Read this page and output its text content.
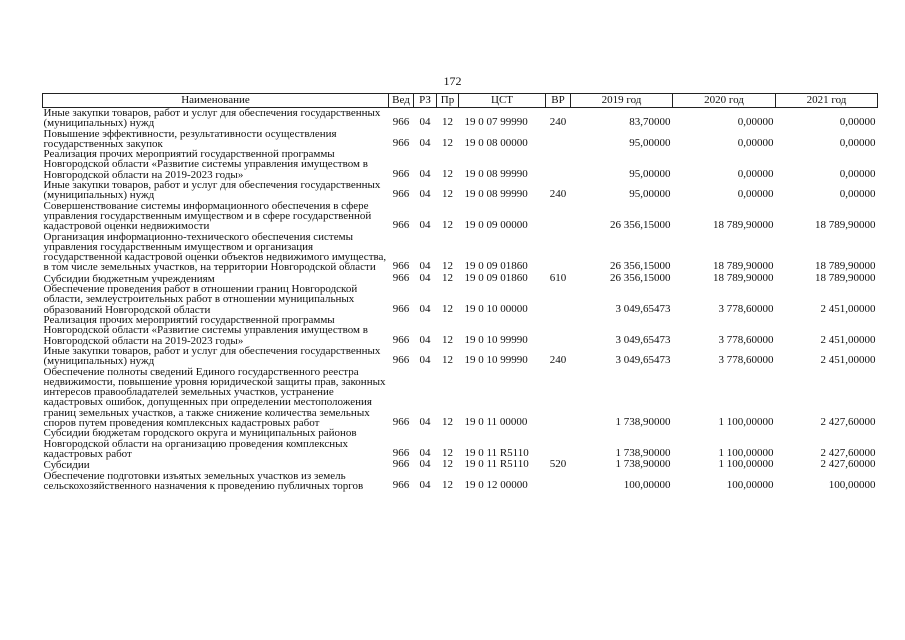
172
Наименование	Вед	РЗ	Пр	ЦСТ	ВР	2019 год	2020 год	2021 год
Иные закупки товаров, работ и услуг для обеспечения государственных (муниципальных) нужд	966	04	12	19 0 07 99990	240	83,70000	0,00000	0,00000
Повышение эффективности, результативности осуществления государственных закупок	966	04	12	19 0 08 00000		95,00000	0,00000	0,00000
Реализация прочих мероприятий государственной программы Новгородской области «Развитие системы управления имуществом в Новгородской области на 2019-2023 годы»	966	04	12	19 0 08 99990		95,00000	0,00000	0,00000
Иные закупки товаров, работ и услуг для обеспечения государственных (муниципальных) нужд	966	04	12	19 0 08 99990	240	95,00000	0,00000	0,00000
Совершенствование системы информационного обеспечения в сфере управления государственным имуществом и в сфере государственной кадастровой оценки недвижимости	966	04	12	19 0 09 00000		26 356,15000	18 789,90000	18 789,90000
Организация информационно-технического обеспечения системы управления государственным имуществом и организация государственной кадастровой оценки объектов недвижимого имущества, в том числе земельных участков, на территории Новгородской области	966	04	12	19 0 09 01860		26 356,15000	18 789,90000	18 789,90000
Субсидии бюджетным учреждениям	966	04	12	19 0 09 01860	610	26 356,15000	18 789,90000	18 789,90000
Обеспечение проведения работ в отношении границ Новгородской области, землеустроительных работ в отношении муниципальных образований Новгородской области	966	04	12	19 0 10 00000		3 049,65473	3 778,60000	2 451,00000
Реализация прочих мероприятий государственной программы Новгородской области «Развитие системы управления имуществом в Новгородской области на 2019-2023 годы»	966	04	12	19 0 10 99990		3 049,65473	3 778,60000	2 451,00000
Иные закупки товаров, работ и услуг для обеспечения государственных (муниципальных) нужд	966	04	12	19 0 10 99990	240	3 049,65473	3 778,60000	2 451,00000
Обеспечение полноты сведений Единого государственного реестра недвижимости, повышение уровня юридической защиты прав, законных интересов правообладателей земельных участков, устранение кадастровых ошибок, допущенных при определении местоположения границ земельных участков, а также снижение количества земельных споров путем проведения комплексных кадастровых работ	966	04	12	19 0 11 00000		1 738,90000	1 100,00000	2 427,60000
Субсидии бюджетам городского округа и муниципальных районов Новгородской области на организацию проведения комплексных кадастровых работ	966	04	12	19 0 11 R5110		1 738,90000	1 100,00000	2 427,60000
Субсидии	966	04	12	19 0 11 R5110	520	1 738,90000	1 100,00000	2 427,60000
Обеспечение подготовки изъятых земельных участков из земель сельскохозяйственного назначения к проведению публичных торгов	966	04	12	19 0 12 00000		100,00000	100,00000	100,00000
